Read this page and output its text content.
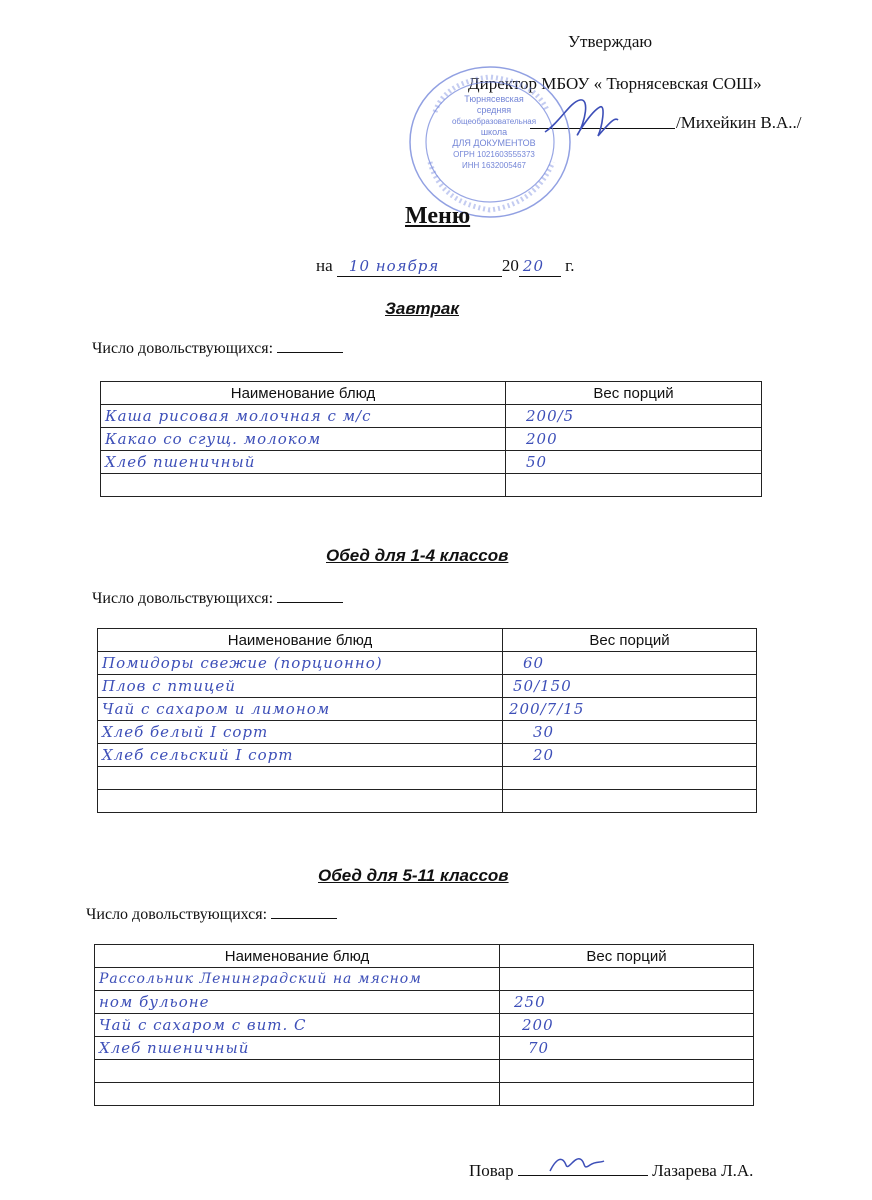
Утверждаю
Директор МБОУ « Тюрнясевская СОШ»
/Михейкин В.А../
Тюрнясевская
средняя
общеобразовательная
школа
ДЛЯ ДОКУМЕНТОВ
ОГРН 1021603555373
ИНН 1632005467
Меню
на 10 ноября	20 20 г.
Завтрак
Число довольствующихся:
Наименование блюд	Вес порций
Каша рисовая молочная с м/с	200/5
Какао со сгущ. молоком	200
Хлеб пшеничный	50

Обед для 1-4 классов
Число довольствующихся:
Наименование блюд	Вес порций
Помидоры свежие (порционно)	60
Плов с птицей	50/150
Чай с сахаром и лимоном	200/7/15
Хлеб белый I сорт	30
Хлеб сельский I сорт	20

Обед для 5-11 классов
Число довольствующихся:
Наименование блюд	Вес порций
Рассольник Ленинградский на мясном	
ном бульоне	250
Чай с сахаром с вит. С	200
Хлеб пшеничный	70

Повар	Лазарева Л.А.
